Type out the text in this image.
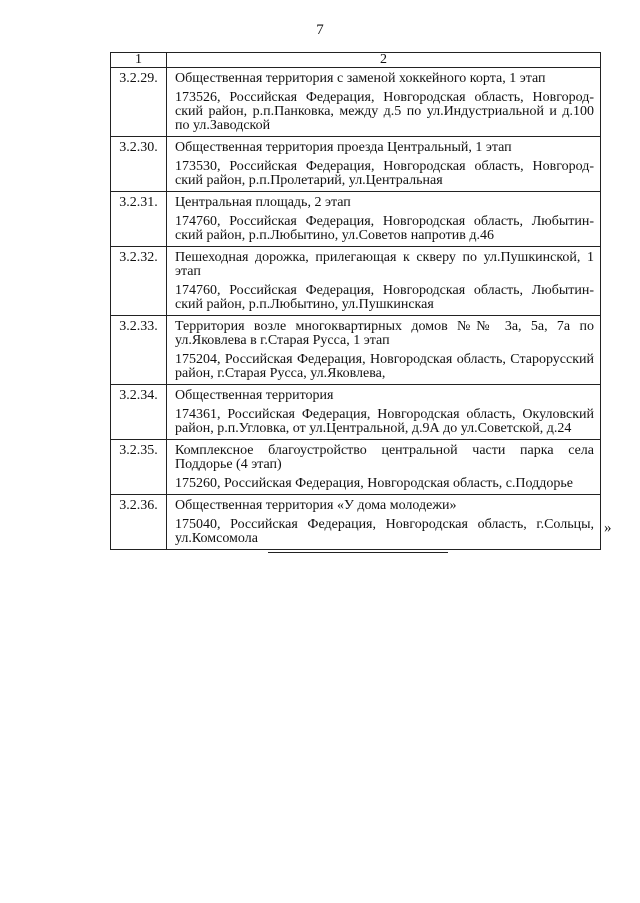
7
1	2
3.2.29.	Общественная территория с заменой хоккейного корта, 1 этап
173526, Российская Федерация, Новгородская область, Новгород-ский район, р.п.Панковка, между д.5 по ул.Индустриальной и д.100 по ул.Заводской

3.2.30.	Общественная территория проезда Центральный, 1 этап
173530, Российская Федерация, Новгородская область, Новгород-ский район, р.п.Пролетарий, ул.Центральная

3.2.31.	Центральная площадь, 2 этап
174760, Российская Федерация, Новгородская область, Любытин-ский район, р.п.Любытино, ул.Советов напротив д.46

3.2.32.	Пешеходная дорожка, прилегающая к скверу по ул.Пушкинской, 1 этап
174760, Российская Федерация, Новгородская область, Любытин-ский район, р.п.Любытино, ул.Пушкинская

3.2.33.	Территория возле многоквартирных домов №№ 3а, 5а, 7а по ул.Яковлева в г.Старая Русса, 1 этап
175204, Российская Федерация, Новгородская область, Старорусский район, г.Старая Русса, ул.Яковлева,

3.2.34.	Общественная территория
174361, Российская Федерация, Новгородская область, Окуловский район, р.п.Угловка, от ул.Центральной, д.9А до ул.Советской, д.24

3.2.35.	Комплексное благоустройство центральной части парка села Поддорье (4 этап)
175260, Российская Федерация, Новгородская область, с.Поддорье

3.2.36.	Общественная территория «У дома молодежи»
175040, Российская Федерация, Новгородская область, г.Сольцы, ул.Комсомола
»
